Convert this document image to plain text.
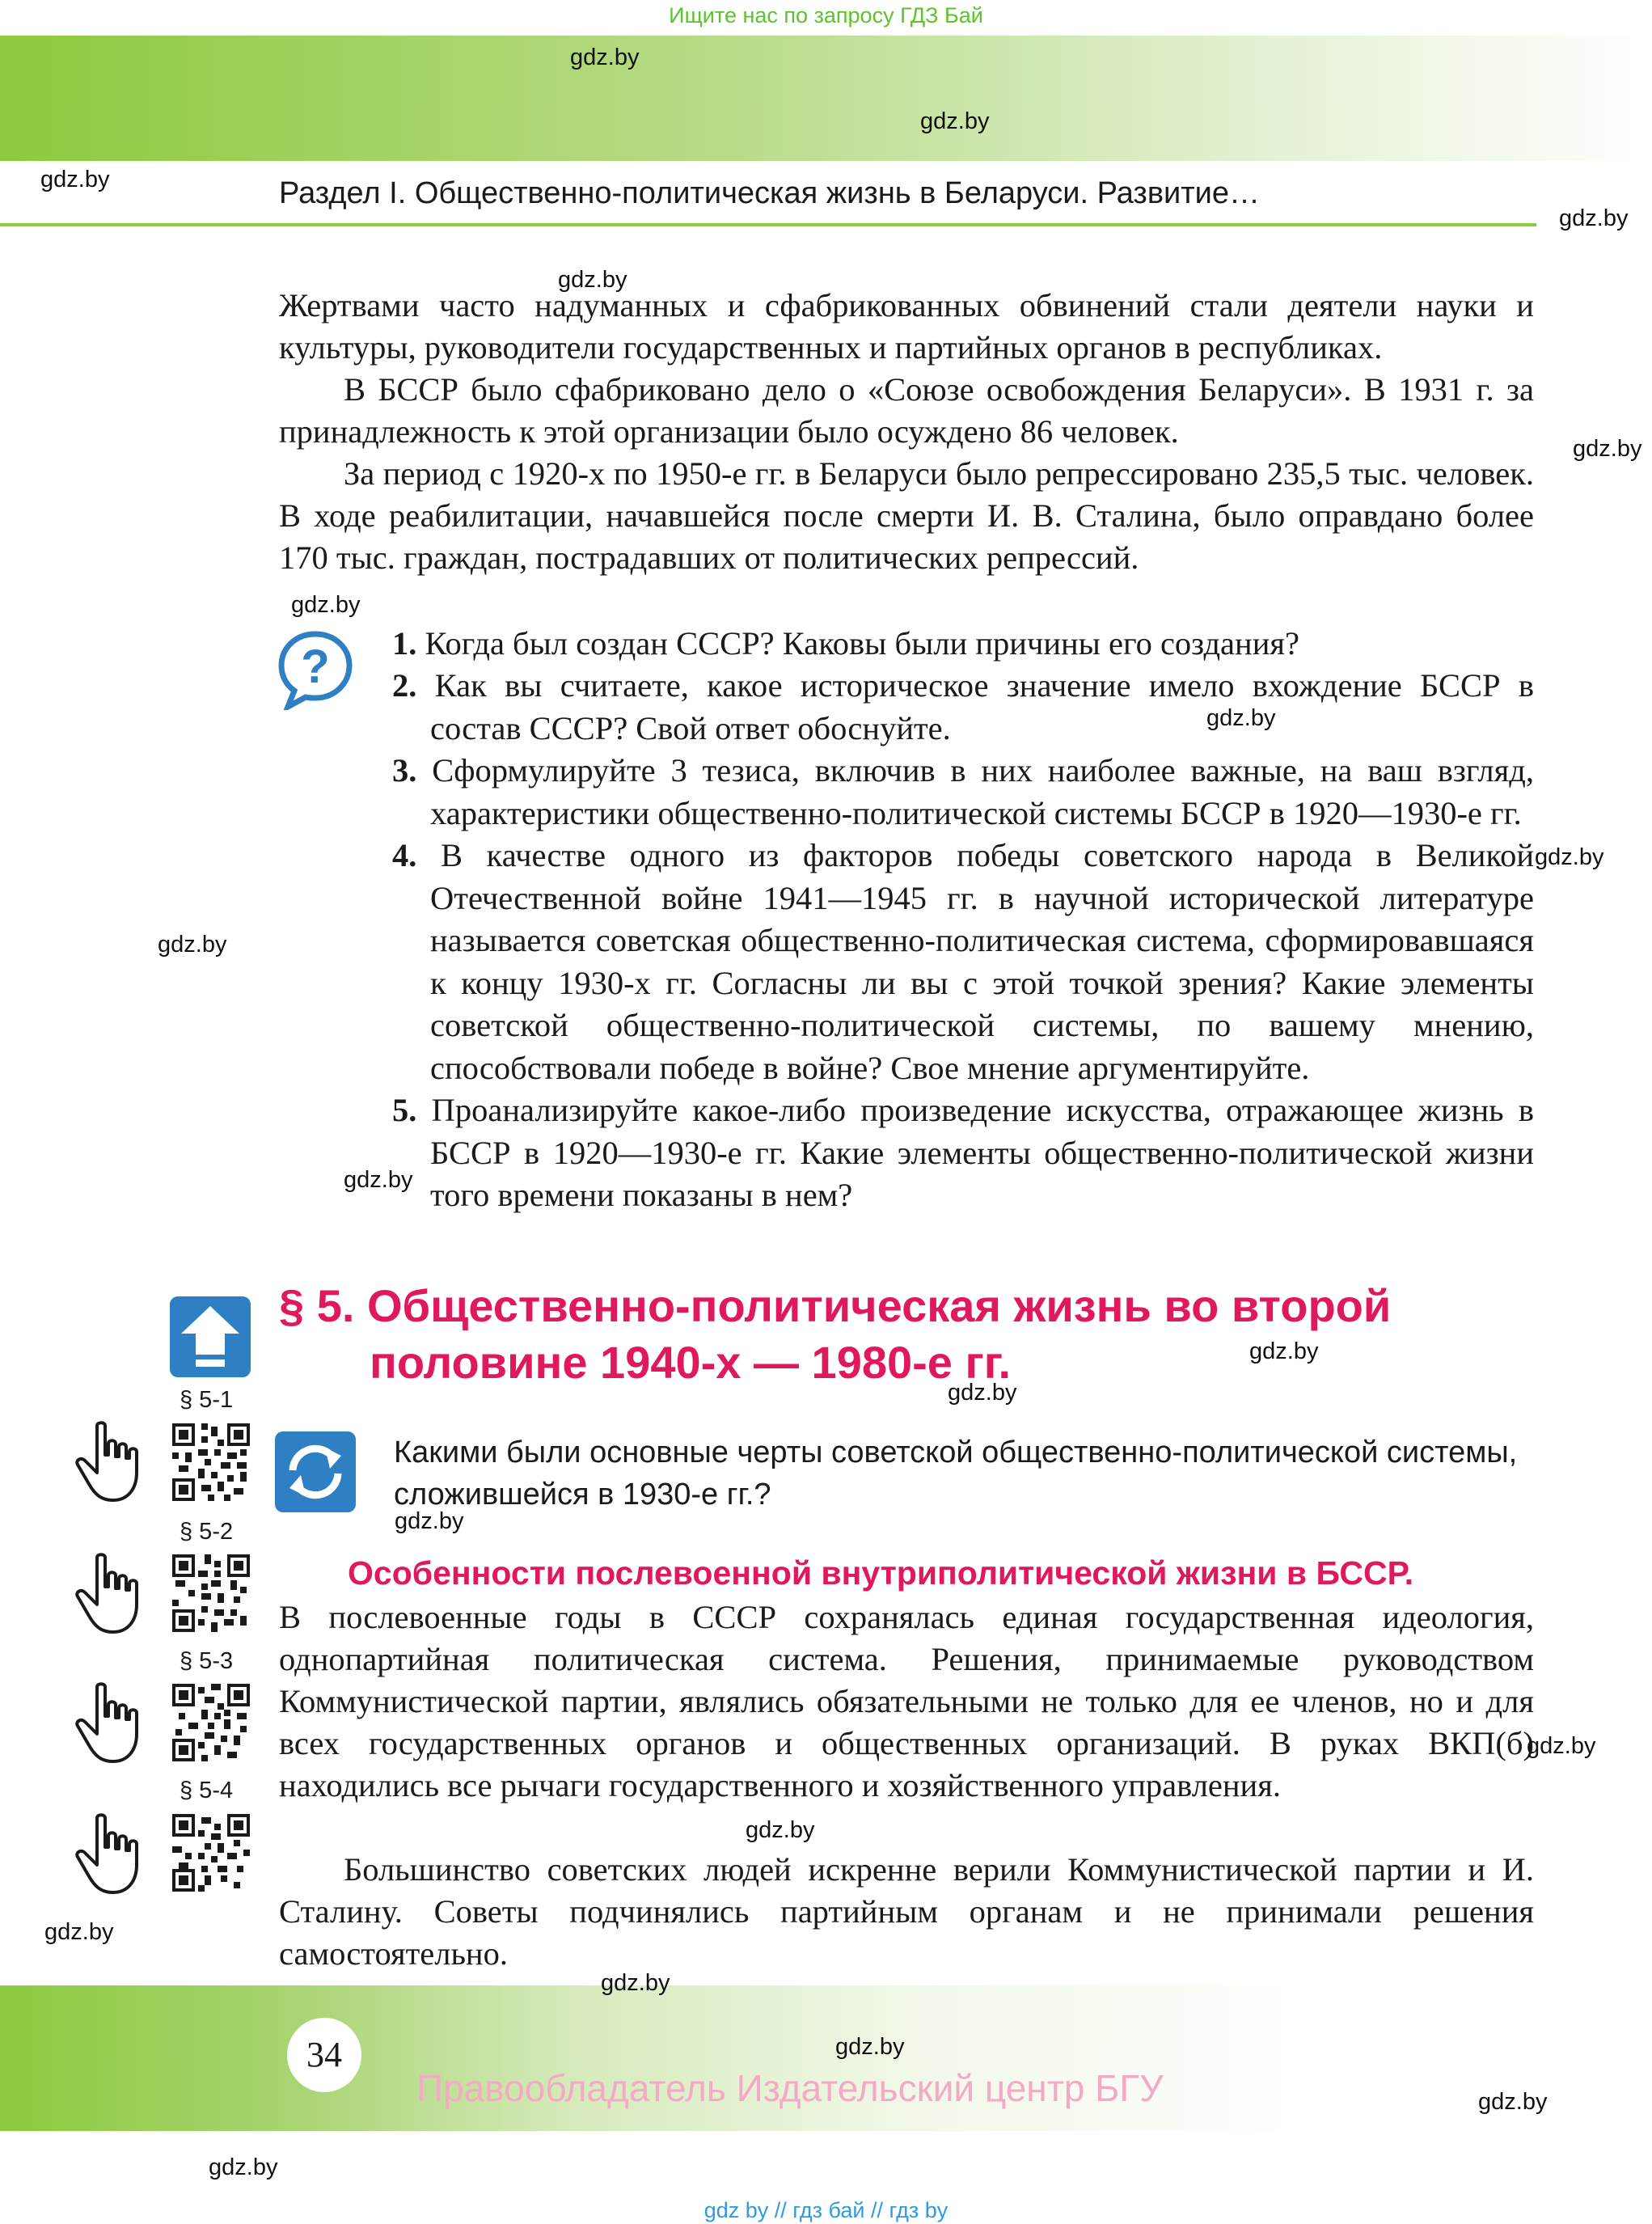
Ищите нас по запросу ГДЗ Бай
Раздел I. Общественно-политическая жизнь в Беларуси. Развитие…

Жертвами часто надуманных и сфабрикованных обвинений стали деятели науки и культуры, руководители государственных и партийных органов в республиках.

В БССР было сфабриковано дело о «Союзе освобождения Беларуси». В 1931 г. за принадлежность к этой организации было осуждено 86 человек.

За период с 1920-х по 1950-е гг. в Беларуси было репрессировано 235,5 тыс. человек. В ходе реабилитации, начавшейся после смерти И. В. Сталина, было оправдано более 170 тыс. граждан, пострадавших от политических репрессий.

? 1. Когда был создан СССР? Каковы были причины его создания?
2. Как вы считаете, какое историческое значение имело вхождение БССР в состав СССР? Свой ответ обоснуйте.
3. Сформулируйте 3 тезиса, включив в них наиболее важные, на ваш взгляд, характеристики общественно-политической системы БССР в 1920—1930-е гг.
4. В качестве одного из факторов победы советского народа в Великой Отечественной войне 1941—1945 гг. в научной исторической литературе называется советская общественно-политическая система, сформировавшаяся к концу 1930-х гг. Согласны ли вы с этой точкой зрения? Какие элементы советской общественно-политической системы, по вашему мнению, способствовали победе в войне? Свое мнение аргументируйте.
5. Проанализируйте какое-либо произведение искусства, отражающее жизнь в БССР в 1920—1930-е гг. Какие элементы общественно-политической жизни того времени показаны в нем?
§ 5. Общественно-политическая жизнь во второй
половине 1940-х — 1980-е гг.
§ 5-1
§ 5-2
§ 5-3
§ 5-4
Какими были основные черты советской общественно-политической системы, сложившейся в 1930-е гг.?
Особенности послевоенной внутриполитической жизни в БССР.

В послевоенные годы в СССР сохранялась единая государственная идеология, однопартийная политическая система. Решения, принимаемые руководством Коммунистической партии, являлись обязательными не только для ее членов, но и для всех государственных органов и общественных организаций. В руках ВКП(б) находились все рычаги государственного и хозяйственного управления.

Большинство советских людей искренне верили Коммунистической партии и И. Сталину. Советы подчинялись партийным органам и не принимали решения самостоятельно.

34
Правообладатель Издательский центр БГУ
gdz by // гдз бай // гдз by
gdz.by
gdz.by
gdz.by
gdz.by
gdz.by
gdz.by
gdz.by
gdz.by
gdz.by
gdz.by
gdz.by
gdz.by
gdz.by
gdz.by
gdz.by
gdz.by
gdz.by
gdz.by
gdz.by
gdz.by
gdz.by
